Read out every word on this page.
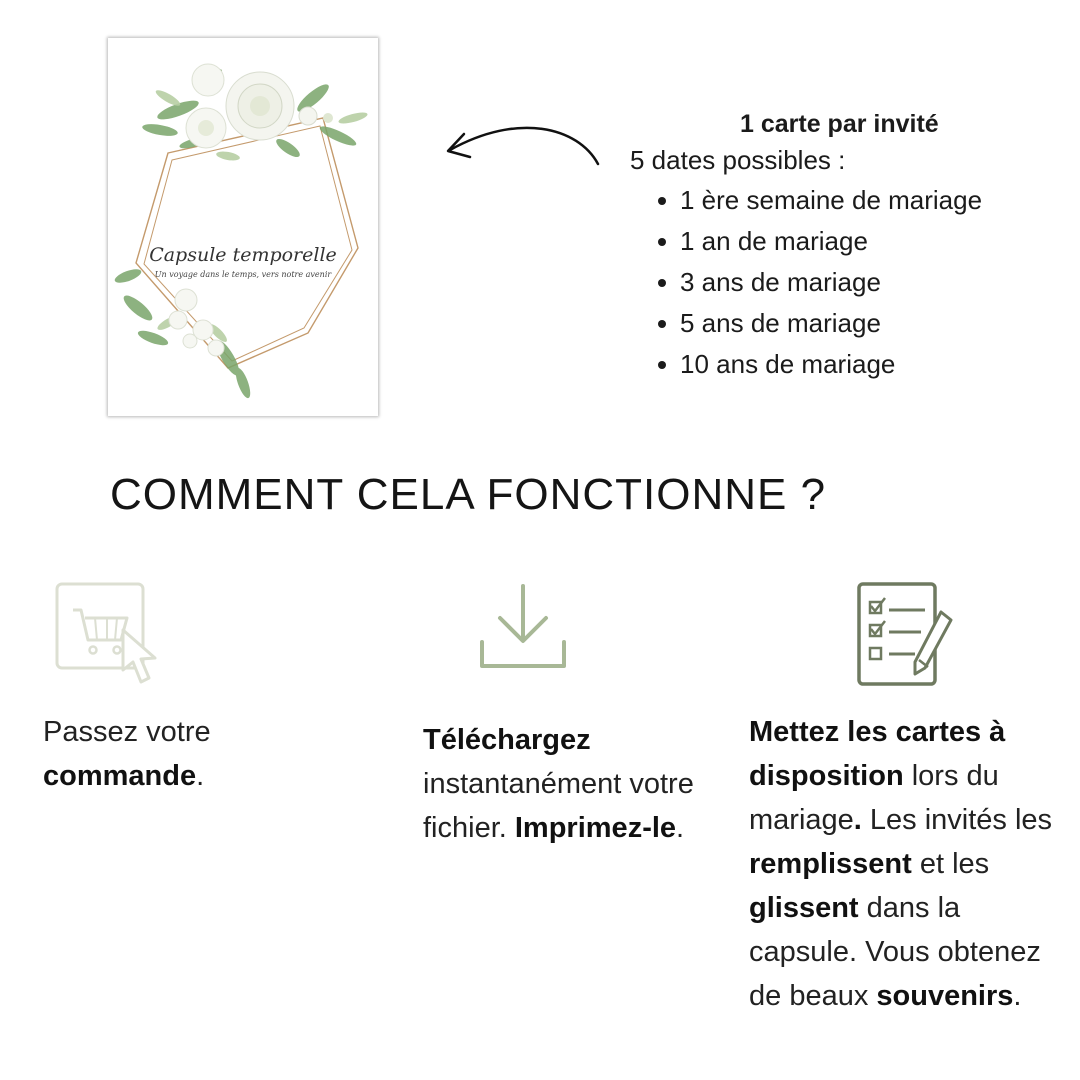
Capsule temporelle
Un voyage dans le temps, vers notre avenir

1 carte par invité

5 dates possibles :

1 ère semaine de mariage
1 an de mariage
3 ans de mariage
5 ans de mariage
10 ans de mariage
COMMENT CELA FONCTIONNE ?

Passez votre commande.

Téléchargez instantanément votre fichier. Imprimez-le.

Mettez les cartes à disposition lors du mariage. Les invités les remplissent et les glissent dans la capsule. Vous obtenez de beaux souvenirs.
